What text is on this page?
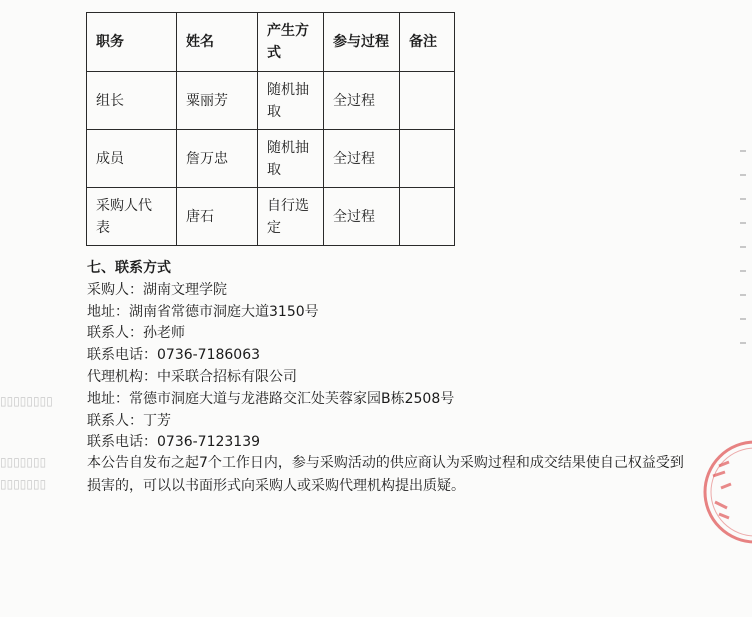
职务	姓名	产生方式	参与过程	备注
组长	粟丽芳	随机抽取	全过程	
成员	詹万忠	随机抽取	全过程	

采购人代表	唐石	自行选定	全过程	
七、联系方式
采购人：湖南文理学院
地址：湖南省常德市洞庭大道3150号
联系人：孙老师
联系电话：0736-7186063
代理机构：中采联合招标有限公司
地址：常德市洞庭大道与龙港路交汇处芙蓉家园B栋2508号
联系人：丁芳
联系电话：0736-7123139
本公告自发布之起7个工作日内，参与采购活动的供应商认为采购过程和成交结果使自己权益受到损害的，可以以书面形式向采购人或采购代理机构提出质疑。
▯▯▯▯▯▯▯▯
▯▯▯▯▯▯▯
▯▯▯▯▯▯▯
